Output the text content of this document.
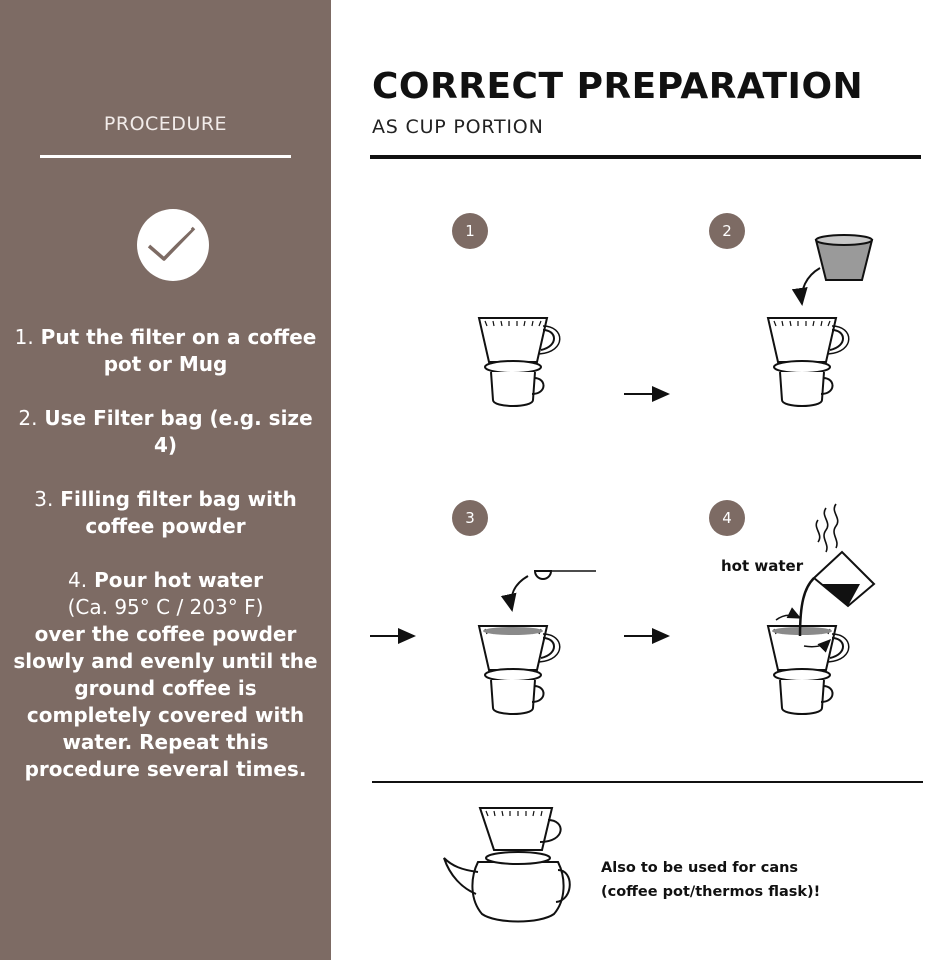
PROCEDURE
1. Put the filter on a coffee pot or Mug
2. Use Filter bag (e.g. size 4)
3. Filling filter bag with coffee powder
4. Pour hot water
(Ca. 95° C / 203° F)
over the coffee powder slowly and evenly until the ground coffee is completely covered with water. Repeat this procedure several times.
CORRECT PREPARATION
AS CUP PORTION
1	2
3	4
hot water
Also to be used for cans
(coffee pot/thermos flask)!
